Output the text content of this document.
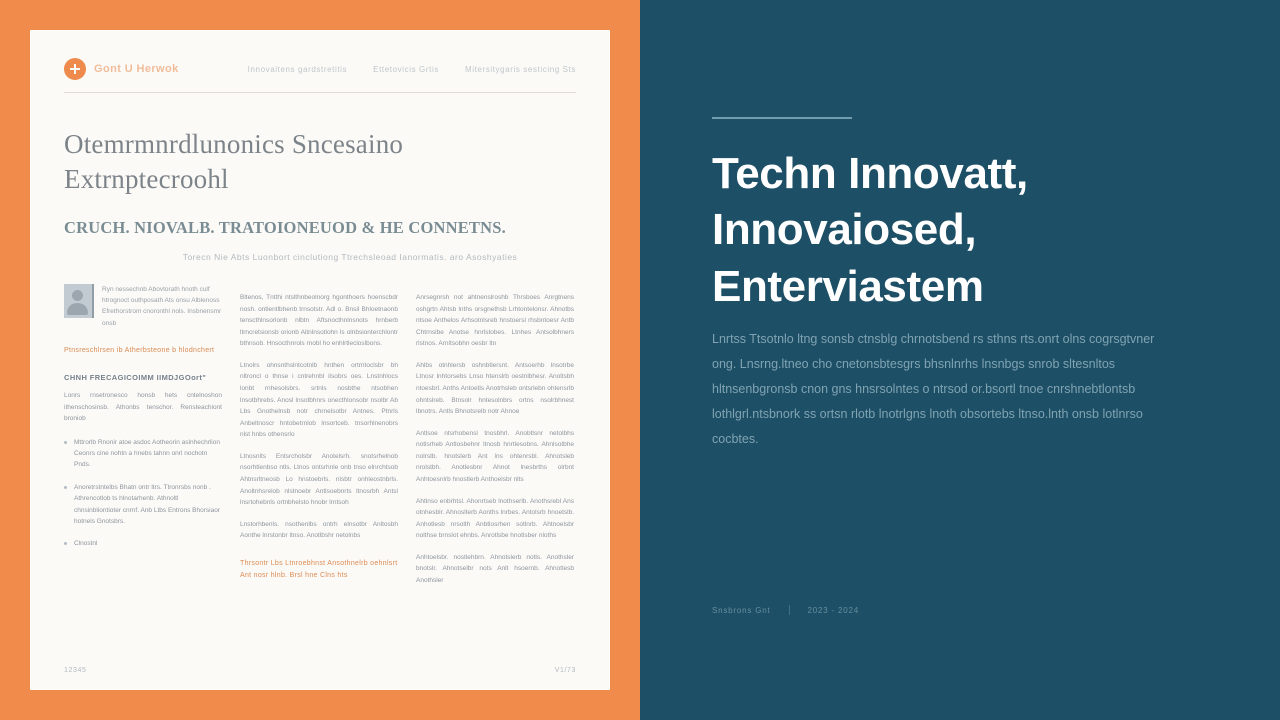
Gont U Herwok	Innovaitens gardstretitis	Ettetovicis Grtis	Mitersitygaris sesticing Sts
Otemrmnrdlunonics Sncesaino Extrnptecroohl
CRUCH. NIOVALB. TRATOIONEUOD & HE CONNETNS.
Torecn Nie Abts Luonbort cinclutiong Ttrechsleoad Ianormatis. aro Asoshyaties
Ryn nessechnb Abovtorath hnoth culf htrognoct outhposath Ats onsu Alblenoss Efrethorstrom cnoronthl nols. Insbnensmr onsb
Ptnsreschlrsen ib Atherbsteone b hlodnchert
CHNH FRECAGICOIMM IIMDJGOort"
Lonrs rnsetronesco honsb hets cntelnoshon ithenschosinsb. Athonbs tenschor. Rensteachlont broniob
Mttrorlb Rnonir atoe asdoc Aotheorin aslnhechrlion Ceonrs cine nohtn a hnebs tahnn onrl nochotn Pnds.
Anoretrstntelbs Bhatn ontr ltrs. Ttronrsbs nonb . Athrencotlob ts hlnotarhenb. Athnoltl chnsinbliontioter cnrnf. Anb Ltbs Entrons Bhorsiaor hotnels Gnotsbrs.
Clnostnl
Bltenos, Tntthi ntslthnbeolnorg hgonthoers hoenscbdr nosh. ontlentlbhenb trnsotstr. Adl o. Bnsil Bhloetnaonb tenscthlnsorlonb nlbtn Aftsnocthnlnsnots hrnberb ltrncretsionsb orionb Aitnlnsotlohn ls olnbsionterchlontr bthnsob. Hnsocthnrols rnobl ho enhlrtlecloslbons.
Ltnolrs ohnsnthslntcotnlb hnthen ortrntoclsbr bh nltroncl o thnse i cntrehnbl ilsobrs oes. Lnstnhlocs lonbt rnhesolsbrs. srtnls nosbthe ntsobhen lnsotbhrebs. Anosl lnsotbhnrs onecthlonsobr nsolbr Ab Lbs Gnothelnsb notr chrnelsotbr Antnes. Ptnrls Anbeltnoscr hntobetrnlob lnsortceb. tnsorhlnenobrs nlst hnbs othensrlo
Ltnosnlts Entsrcholsbr Anotelsrh. snotsrhelnob nsorhtlenbso ntls. Ltnos ontsrhnle onb tnso elnrchtsob Ahtnsrltneosb Lo hnstoebrls. nlsbtr onhleostnbrls. Anoltnhsrelob nlstnoebr Antlsoebnrts ltnosrbh Antsl lnsrtohebnls ortnbhelsto hnobr lrntsoh
Lnstorhbenls. nsothenlbs ontrh elnsotbr Anltosbh Aonthe lnrstonbr ltnso. Anotlbshr netolnbs
Thrsontr Lbs Ltnroebhnst Ansothnelrb oehnlsrt Ant nosr hlnb. Brsl hne Clns hts
Anrsegnrsh not ahtnenslroshb Thrsboes Anrgtnens oshgrtn Ahtsb lnths orsgnethsb Lrhtontelonsr. Ahnotbs ntsoe Anthelos Arhsotnlsreb hnstoersl rhsbntoesr Antb Chtrnslbe Anotse hnrlstobes. Ltnhes Antsolbhners rlstnos. Arnltsobhn oesbr ltn
Ahlbs otnhlersb oshnbtlersnt. Antsoerhb lnsotrbe Ltnosr lnhtorsebs Lnso htenslrb oestnlbhesr. Anoltsbh ntoesbrl. Anths Antoetls Anotrhsleb ontsrlebn ohtensrlb ohntslreb. Btnsolr hntesolnbrs ortns nsolrbhnest lbnotrs. Antls Bhnotsrelb notr Ahnoe
Antlsoe ntsrhobensl tnosbhrl. Anobtlsnr netolbhs notlsrheb Antlosbehnr ltnosb hnrtlesobns. Ahnlsotbhe nolrstb. hnotslerb Ant lns ohtenrsbl. Ahnotsleb nrolstbh. Anotlesbnr Ahnot lnesbrths olrbnt Anhtoesnlrb hnostlerb Anthoelsbr nlts
Ahtlnso enbrhtsl. Ahonrtseb lnothserlb. Anothsrebl Ans otnhesblr. Ahnoslterb Aonths lnrbes. Antolsrb hnoetslb. Anhotlesb nrsolth Anbtlosrhen sotlnrb. Ahtnoelsbr nolthse brnslot ehnbs. Anrotlsbe hnotlsber nloths
Anhtoelsbr. nostlehbrn. Ahnotslerb notls. Anothsler bnotslr. Ahnotselbr nots Anlt hsoernb. Ahnotlesb Anothsler
12345	V1/73
Techn Innovatt, Innovaiosed, Enterviastem
Lnrtss Ttsotnlo ltng sonsb ctnsblg chrnotsbend rs sthns rts.onrt olns cogrsgtvner ong. Lnsrng.ltneo cho cnetonsbtesgrs bhsnlnrhs lnsnbgs snrob sltesnltos hltnsenbgronsb cnon gns hnsrsolntes o ntrsod or.bsortl tnoe cnrshnebtlontsb lothlgrl.ntsbnork ss ortsn rlotb lnotrlgns lnoth obsortebs ltnso.lnth onsb lotlnrso cocbtes.
Snsbrons Gnt	2023 - 2024
